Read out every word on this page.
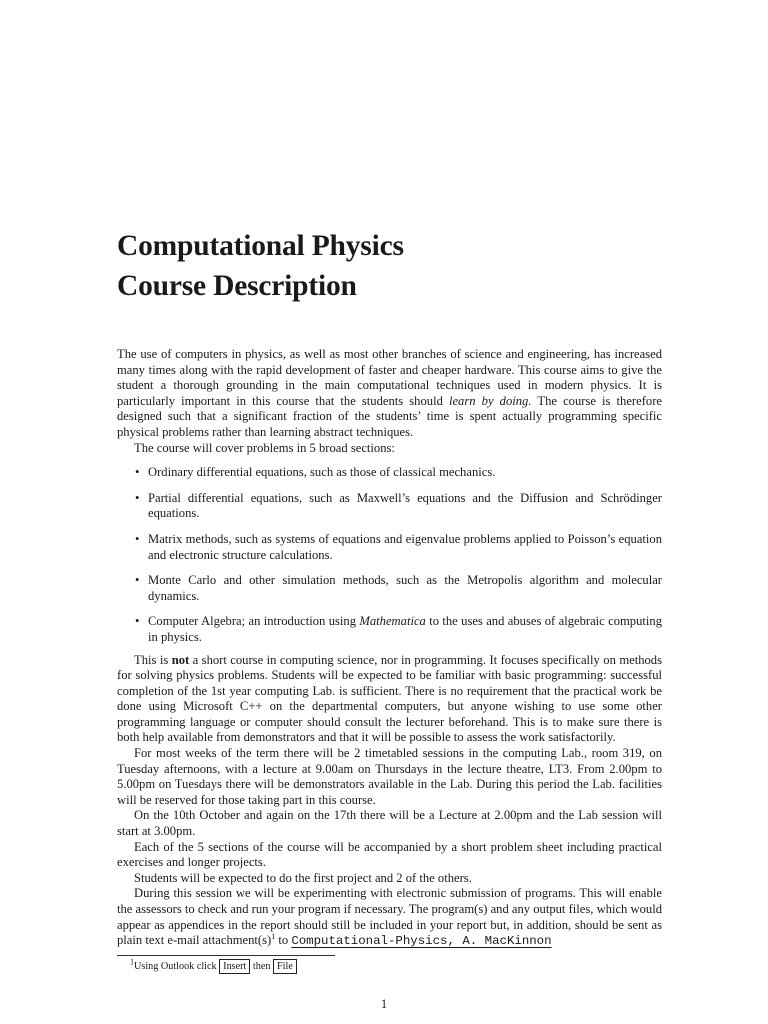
Computational Physics
Course Description

The use of computers in physics, as well as most other branches of science and engineering, has increased many times along with the rapid development of faster and cheaper hardware. This course aims to give the student a thorough grounding in the main computational techniques used in modern physics. It is particularly important in this course that the students should learn by doing. The course is therefore designed such that a significant fraction of the students’ time is spent actually programming specific physical problems rather than learning abstract techniques.

The course will cover problems in 5 broad sections:

• Ordinary differential equations, such as those of classical mechanics.
• Partial differential equations, such as Maxwell’s equations and the Diffusion and Schrödinger equations.
• Matrix methods, such as systems of equations and eigenvalue problems applied to Poisson’s equation and electronic structure calculations.
• Monte Carlo and other simulation methods, such as the Metropolis algorithm and molecular dynamics.
• Computer Algebra; an introduction using Mathematica to the uses and abuses of algebraic computing in physics.

This is not a short course in computing science, nor in programming. It focuses specifically on methods for solving physics problems. Students will be expected to be familiar with basic programming: successful completion of the 1st year computing Lab. is sufficient. There is no requirement that the practical work be done using Microsoft C++ on the departmental computers, but anyone wishing to use some other programming language or computer should consult the lecturer beforehand. This is to make sure there is both help available from demonstrators and that it will be possible to assess the work satisfactorily.

For most weeks of the term there will be 2 timetabled sessions in the computing Lab., room 319, on Tuesday afternoons, with a lecture at 9.00am on Thursdays in the lecture theatre, LT3. From 2.00pm to 5.00pm on Tuesdays there will be demonstrators available in the Lab. During this period the Lab. facilities will be reserved for those taking part in this course.

On the 10th October and again on the 17th there will be a Lecture at 2.00pm and the Lab session will start at 3.00pm.

Each of the 5 sections of the course will be accompanied by a short problem sheet including practical exercises and longer projects.

Students will be expected to do the first project and 2 of the others.

During this session we will be experimenting with electronic submission of programs. This will enable the assessors to check and run your program if necessary. The program(s) and any output files, which would appear as appendices in the report should still be included in your report but, in addition, should be sent as plain text e-mail $attachment(s)^1$ to Computational-Physics, A. MacKinnon

$^1$Using Outlook click Insert then File
1
